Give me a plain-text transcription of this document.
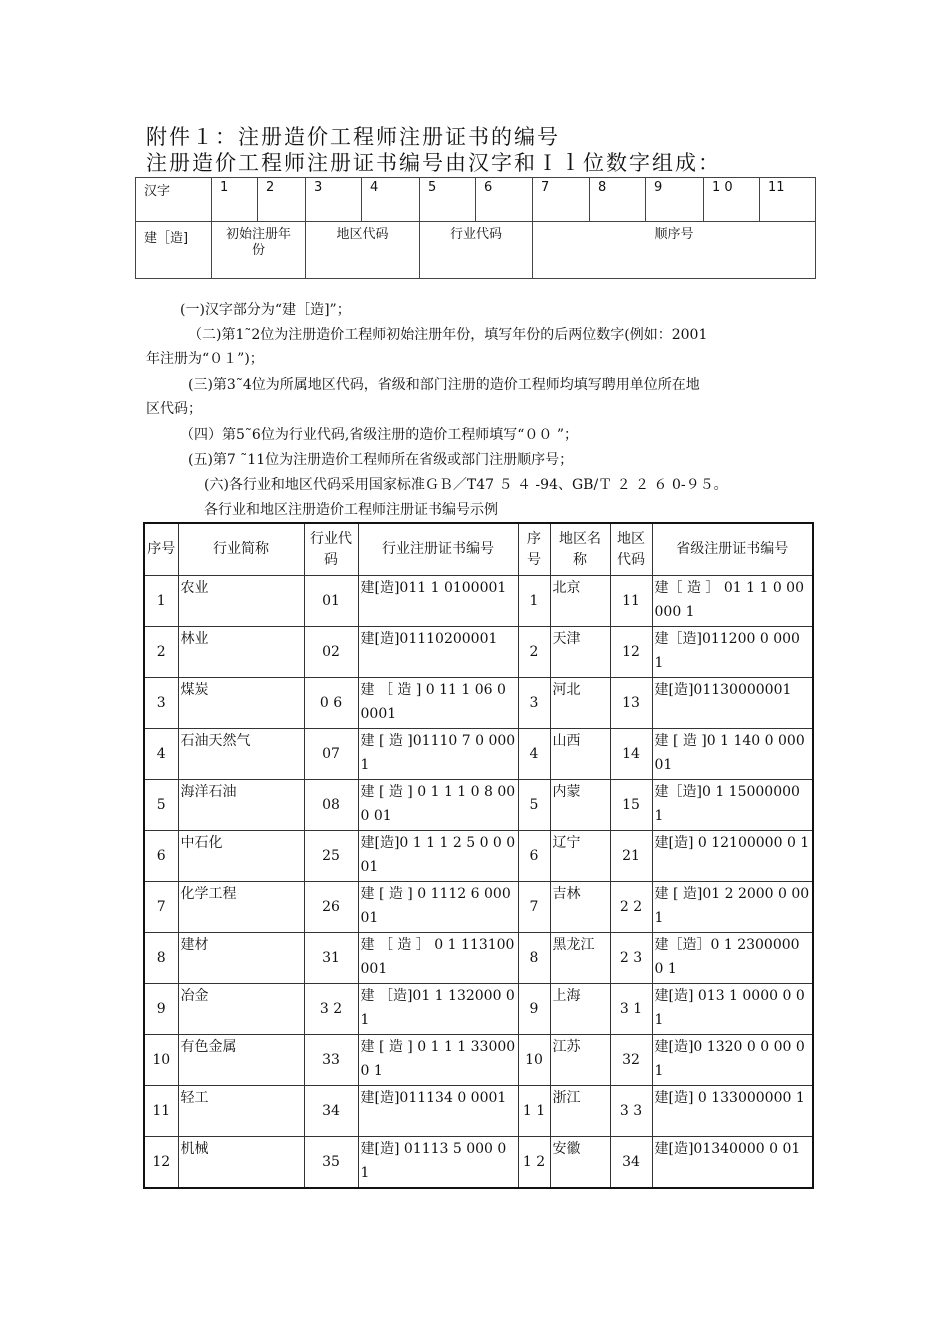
附件１：注册造价工程师注册证书的编号
注册造价工程师注册证书编号由汉字和Ｉｌ位数字组成：
汉字	1	2	3	4	5	6	7	8	9	1 0	11
建［造]	初始注册年份		地区代码		行业代码		顺序号				
(一)汉字部分为“建［造]”；
（二)第1˜2位为注册造价工程师初始注册年份，填写年份的后两位数字(例如：2001
年注册为“０１”)；
(三)第3˜4位为所属地区代码，省级和部门注册的造价工程师均填写聘用单位所在地
区代码；
（四）第5˜6位为行业代码,省级注册的造价工程师填写“００ ”；
(五)第7 ˜11位为注册造价工程师所在省级或部门注册顺序号；
(六)各行业和地区代码采用国家标准ＧＢ／T47 ５ ４ -94、GB/Ｔ ２ ２ ６ 0-９５。
各行业和地区注册造价工程师注册证书编号示例
序号	行业简称	行业代码	行业注册证书编号	序号	地区名称	地区代码	省级注册证书编号
1	农业	01	建[造]011 1 0100001	1	北京	11	建［ 造 ］ 01 1 1 0 00000 1
2	林业	02	建[造]01110200001	2	天津	12	建［造]011200 0 000 1
3	煤炭	0 6	建 ［ 造 ] 0 11 1 06 0 0001	3	河北	13	建[造]01130000001
4	石油天然气	07	建 [ 造 ]01110 7 0 0001	4	山西	14	建 [ 造 ]0 1 140 0 00001
5	海洋石油	08	建 [ 造 ] 0 1 1 1 0 8 00 0 01	5	内蒙	15	建［造]0 1 15000000 1
6	中石化	25	建[造]0 1 1 1 2 5 0 0 001	6	辽宁	21	建[造] 0 12100000 0 1
7	化学工程	26	建 [ 造 ] 0 1112 6 00001	7	吉林	2 2	建 [ 造]01 2 2000 0 001
8	建材	31	建 ［ 造 ］ 0 1 113100001	8	黑龙江	2 3	建［造］0 1 2300000 0 1
9	冶金	3 2	建 ［造]01 1 132000 0 1	9	上海	3 1	建[造] 013 1 0000 0 01
10	有色金属	33	建 [ 造 ] 0 1 1 1 330000 1	10	江苏	32	建[造]0 1320 0 0 00 0 1
11	轻工	34	建[造]011134 0 0001	1 1	浙江	3 3	建[造] 0 133000000 1
12	机械	35	建[造] 01113 5 000 0 1	1 2	安徽	34	建[造]01340000 0 01
